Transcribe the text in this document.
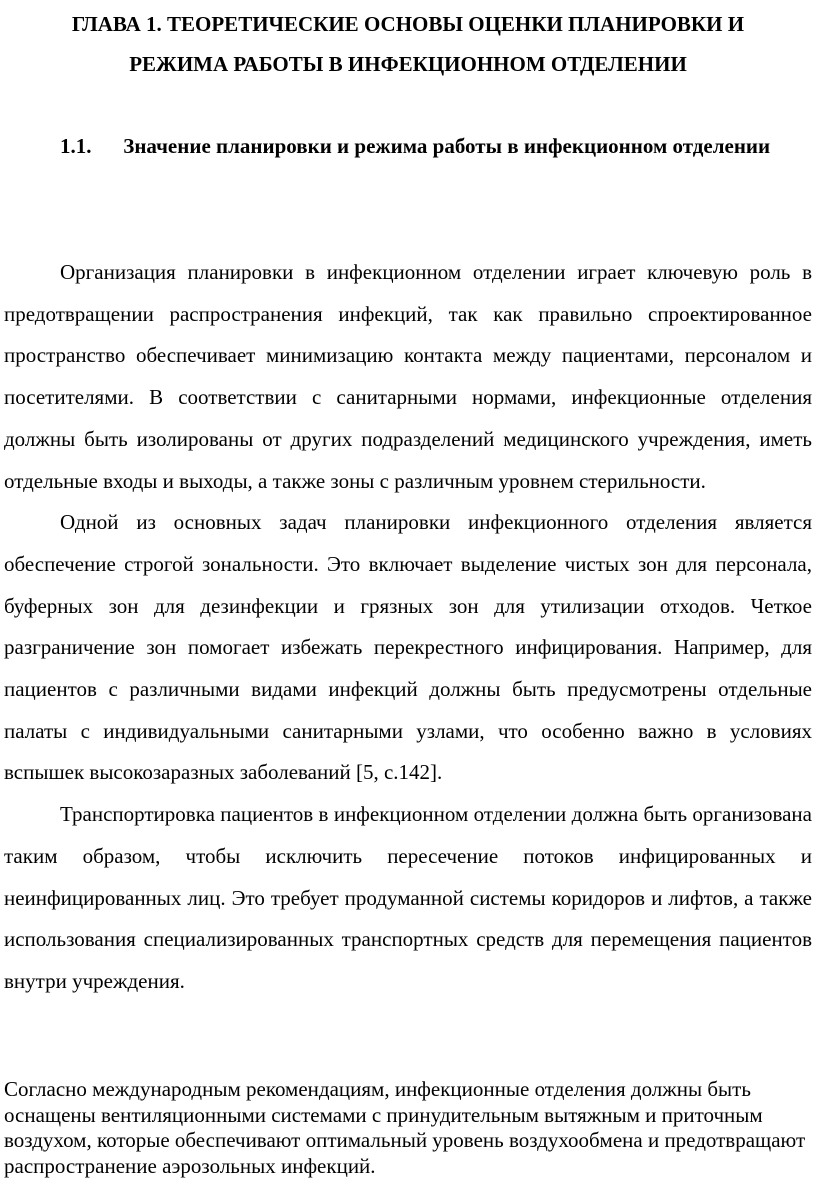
ГЛАВА 1. ТЕОРЕТИЧЕСКИЕ ОСНОВЫ ОЦЕНКИ ПЛАНИРОВКИ И
РЕЖИМА РАБОТЫ В ИНФЕКЦИОННОМ ОТДЕЛЕНИИ
1.1. Значение планировки и режима работы в инфекционном отделении

Организация планировки в инфекционном отделении играет ключевую роль в предотвращении распространения инфекций, так как правильно спроектированное пространство обеспечивает минимизацию контакта между пациентами, персоналом и посетителями. В соответствии с санитарными нормами, инфекционные отделения должны быть изолированы от других подразделений медицинского учреждения, иметь отдельные входы и выходы, а также зоны с различным уровнем стерильности.

Одной из основных задач планировки инфекционного отделения является обеспечение строгой зональности. Это включает выделение чистых зон для персонала, буферных зон для дезинфекции и грязных зон для утилизации отходов. Четкое разграничение зон помогает избежать перекрестного инфицирования. Например, для пациентов с различными видами инфекций должны быть предусмотрены отдельные палаты с индивидуальными санитарными узлами, что особенно важно в условиях вспышек высокозаразных заболеваний [5, с.142].

Транспортировка пациентов в инфекционном отделении должна быть организована таким образом, чтобы исключить пересечение потоков инфицированных и неинфицированных лиц. Это требует продуманной системы коридоров и лифтов, а также использования специализированных транспортных средств для перемещения пациентов внутри учреждения.

Согласно международным рекомендациям, инфекционные отделения должны быть оснащены вентиляционными системами с принудительным вытяжным и приточным воздухом, которые обеспечивают оптимальный уровень воздухообмена и предотвращают распространение аэрозольных инфекций.
